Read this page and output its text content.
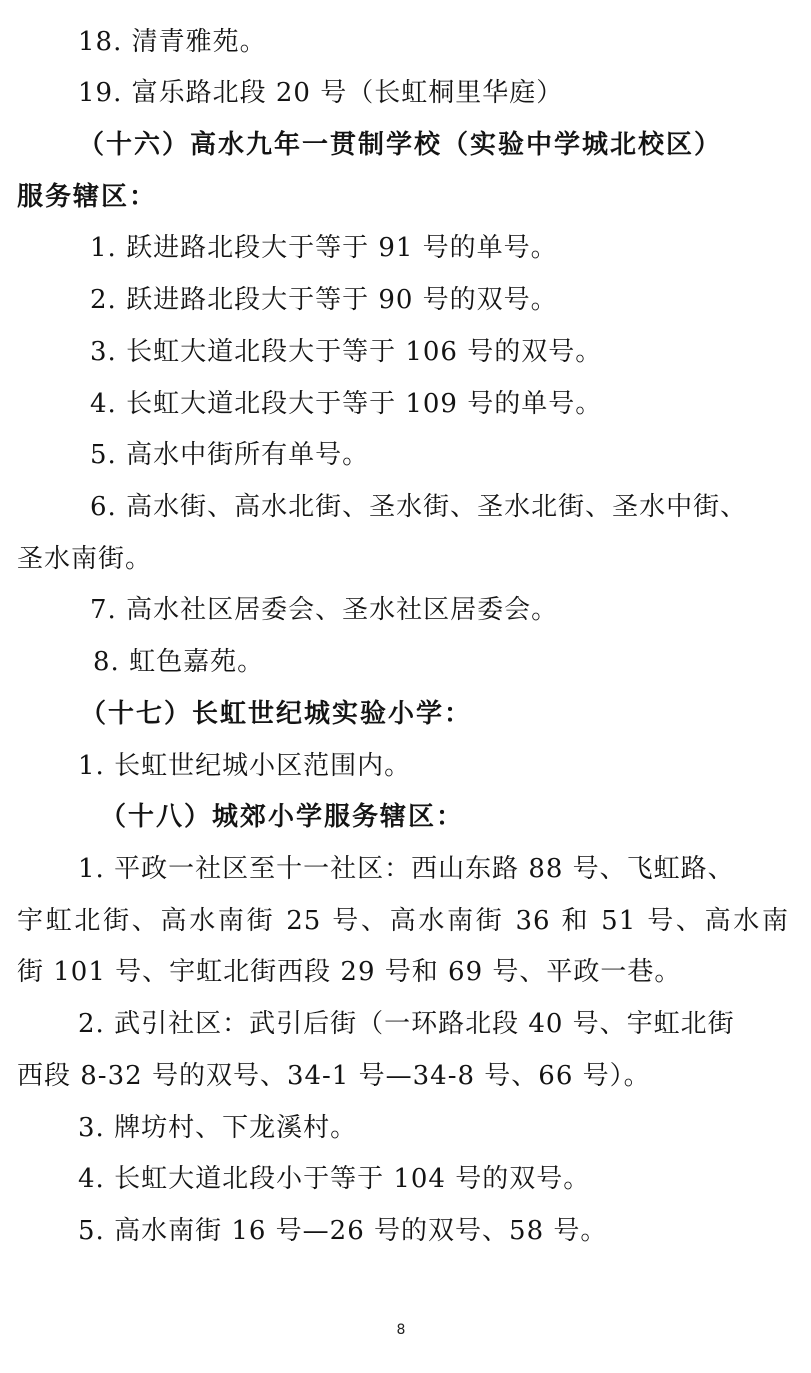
18. 清青雅苑。
19. 富乐路北段 20 号（长虹桐里华庭）
（十六）高水九年一贯制学校（实验中学城北校区）
服务辖区：
1. 跃进路北段大于等于 91 号的单号。
2. 跃进路北段大于等于 90 号的双号。
3. 长虹大道北段大于等于 106 号的双号。
4. 长虹大道北段大于等于 109 号的单号。
5. 高水中街所有单号。
6. 高水街、高水北街、圣水街、圣水北街、圣水中街、
圣水南街。
7. 高水社区居委会、圣水社区居委会。
8. 虹色嘉苑。
（十七）长虹世纪城实验小学：
1. 长虹世纪城小区范围内。
（十八）城郊小学服务辖区：
1. 平政一社区至十一社区：西山东路 88 号、飞虹路、
宇虹北街、高水南街 25 号、高水南街 36 和 51 号、高水南
街 101 号、宇虹北街西段 29 号和 69 号、平政一巷。
2. 武引社区：武引后街（一环路北段 40 号、宇虹北街
西段 8-32 号的双号、34-1 号—34-8 号、66 号）。
3. 牌坊村、下龙溪村。
4. 长虹大道北段小于等于 104 号的双号。
5. 高水南街 16 号—26 号的双号、58 号。
8
